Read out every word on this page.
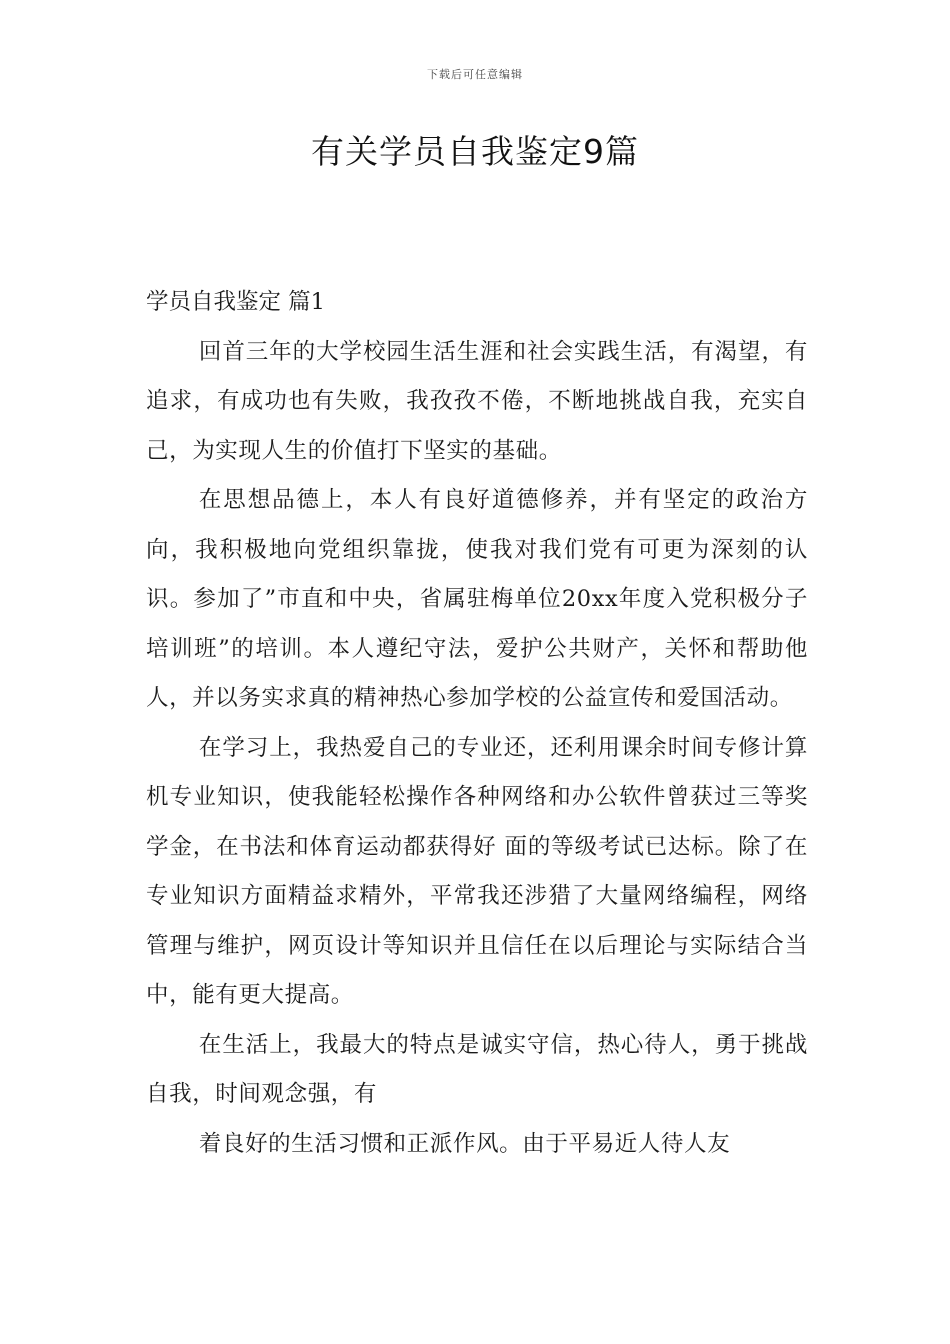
下载后可任意编辑
有关学员自我鉴定9篇

学员自我鉴定 篇1

回首三年的大学校园生活生涯和社会实践生活，有渴望，有追求，有成功也有失败，我孜孜不倦，不断地挑战自我，充实自己，为实现人生的价值打下坚实的基础。

在思想品德上，本人有良好道德修养，并有坚定的政治方向，我积极地向党组织靠拢，使我对我们党有可更为深刻的认识。参加了”市直和中央，省属驻梅单位20xx年度入党积极分子培训班”的培训。本人遵纪守法，爱护公共财产，关怀和帮助他人，并以务实求真的精神热心参加学校的公益宣传和爱国活动。

在学习上，我热爱自己的专业还，还利用课余时间专修计算机专业知识，使我能轻松操作各种网络和办公软件曾获过三等奖学金，在书法和体育运动都获得好 面的等级考试已达标。除了在专业知识方面精益求精外，平常我还涉猎了大量网络编程，网络管理与维护，网页设计等知识并且信任在以后理论与实际结合当中，能有更大提高。

在生活上，我最大的特点是诚实守信，热心待人，勇于挑战自我，时间观念强，有

着良好的生活习惯和正派作风。由于平易近人待人友
